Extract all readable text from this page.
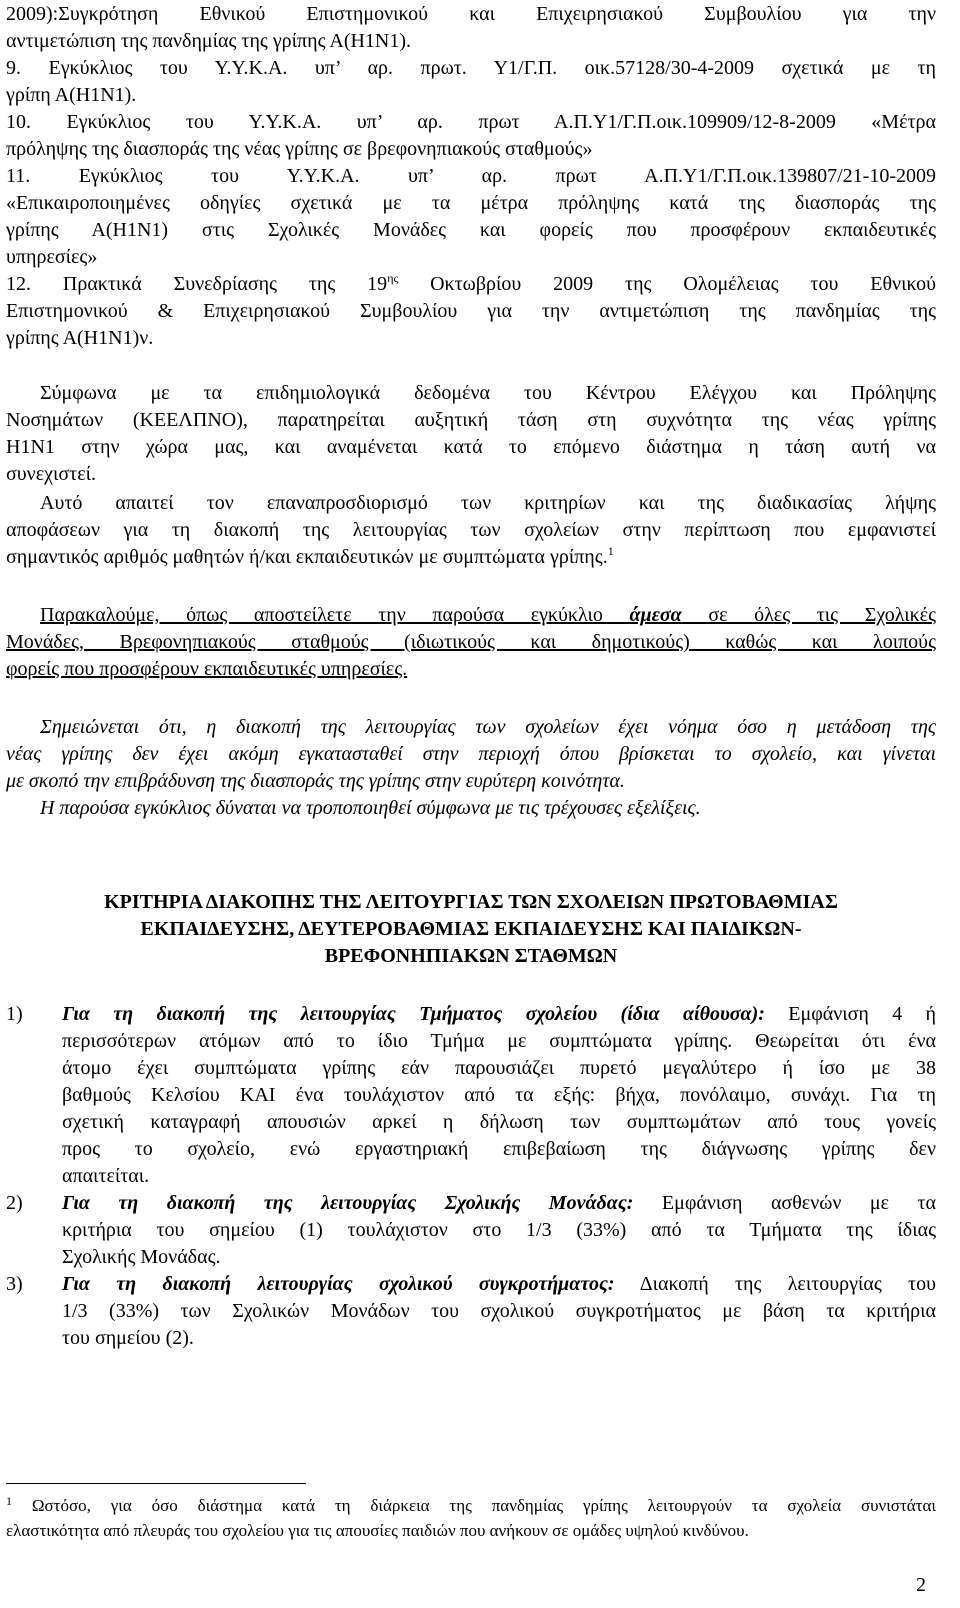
2009):Συγκρότηση Εθνικού Επιστημονικού και Επιχειρησιακού Συμβουλίου για την
αντιμετώπιση της πανδημίας της γρίπης Α(Η1Ν1).
9. Εγκύκλιος του Υ.Υ.Κ.Α. υπ’ αρ. πρωτ. Υ1/Γ.Π. οικ.57128/30-4-2009 σχετικά με τη
γρίπη Α(Η1Ν1).
10. Εγκύκλιος του Υ.Υ.Κ.Α. υπ’ αρ. πρωτ Α.Π.Υ1/Γ.Π.οικ.109909/12-8-2009 «Μέτρα
πρόληψης της διασποράς της νέας γρίπης σε βρεφονηπιακούς σταθμούς»
11. Εγκύκλιος του Υ.Υ.Κ.Α. υπ’ αρ. πρωτ Α.Π.Υ1/Γ.Π.οικ.139807/21-10-2009
«Επικαιροποιημένες οδηγίες σχετικά με τα μέτρα πρόληψης κατά της διασποράς της
γρίπης Α(Η1Ν1) στις Σχολικές Μονάδες και φορείς που προσφέρουν εκπαιδευτικές
υπηρεσίες»
12. Πρακτικά Συνεδρίασης της $19^{\eta\varsigma}$ Οκτωβρίου 2009 της Ολομέλειας του Εθνικού
Επιστημονικού & Επιχειρησιακού Συμβουλίου για την αντιμετώπιση της πανδημίας της
γρίπης Α(Η1Ν1)ν.
Σύμφωνα με τα επιδημιολογικά δεδομένα του Κέντρου Ελέγχου και Πρόληψης
Νοσημάτων (ΚΕΕΛΠΝΟ), παρατηρείται αυξητική τάση στη συχνότητα της νέας γρίπης
Η1Ν1 στην χώρα μας, και αναμένεται κατά το επόμενο διάστημα η τάση αυτή να
συνεχιστεί.
Αυτό απαιτεί τον επαναπροσδιορισμό των κριτηρίων και της διαδικασίας λήψης
αποφάσεων για τη διακοπή της λειτουργίας των σχολείων στην περίπτωση που εμφανιστεί
σημαντικός αριθμός μαθητών ή/και εκπαιδευτικών με συμπτώματα γρίπης.$^1$
Παρακαλούμε, όπως αποστείλετε την παρούσα εγκύκλιο άμεσα σε όλες τις Σχολικές
Μονάδες, Βρεφονηπιακούς σταθμούς (ιδιωτικούς και δημοτικούς) καθώς και λοιπούς
φορείς που προσφέρουν εκπαιδευτικές υπηρεσίες.
Σημειώνεται ότι, η διακοπή της λειτουργίας των σχολείων έχει νόημα όσο η μετάδοση της
νέας γρίπης δεν έχει ακόμη εγκατασταθεί στην περιοχή όπου βρίσκεται το σχολείο, και γίνεται
με σκοπό την επιβράδυνση της διασποράς της γρίπης στην ευρύτερη κοινότητα.
Η παρούσα εγκύκλιος δύναται να τροποποιηθεί σύμφωνα με τις τρέχουσες εξελίξεις.
ΚΡΙΤΗΡΙΑ ΔΙΑΚΟΠΗΣ ΤΗΣ ΛΕΙΤΟΥΡΓΙΑΣ ΤΩΝ ΣΧΟΛΕΙΩΝ ΠΡΩΤΟΒΑΘΜΙΑΣ
ΕΚΠΑΙΔΕΥΣΗΣ, ΔΕΥΤΕΡΟΒΑΘΜΙΑΣ ΕΚΠΑΙΔΕΥΣΗΣ ΚΑΙ ΠΑΙΔΙΚΩΝ-
ΒΡΕΦΟΝΗΠΙΑΚΩΝ ΣΤΑΘΜΩΝ
1) Για τη διακοπή της λειτουργίας Τμήματος σχολείου (ίδια αίθουσα): Εμφάνιση 4 ή
περισσότερων ατόμων από το ίδιο Τμήμα με συμπτώματα γρίπης. Θεωρείται ότι ένα
άτομο έχει συμπτώματα γρίπης εάν παρουσιάζει πυρετό μεγαλύτερο ή ίσο με 38
βαθμούς Κελσίου ΚΑΙ ένα τουλάχιστον από τα εξής: βήχα, πονόλαιμο, συνάχι. Για τη
σχετική καταγραφή απουσιών αρκεί η δήλωση των συμπτωμάτων από τους γονείς
προς το σχολείο, ενώ εργαστηριακή επιβεβαίωση της διάγνωσης γρίπης δεν
απαιτείται.
2) Για τη διακοπή της λειτουργίας Σχολικής Μονάδας: Εμφάνιση ασθενών με τα
κριτήρια του σημείου (1) τουλάχιστον στο 1/3 (33%) από τα Τμήματα της ίδιας
Σχολικής Μονάδας.
3) Για τη διακοπή λειτουργίας σχολικού συγκροτήματος: Διακοπή της λειτουργίας του
1/3 (33%) των Σχολικών Μονάδων του σχολικού συγκροτήματος με βάση τα κριτήρια
του σημείου (2).
$^1$ Ωστόσο, για όσο διάστημα κατά τη διάρκεια της πανδημίας γρίπης λειτουργούν τα σχολεία συνιστάται
ελαστικότητα από πλευράς του σχολείου για τις απουσίες παιδιών που ανήκουν σε ομάδες υψηλού κινδύνου.
2
